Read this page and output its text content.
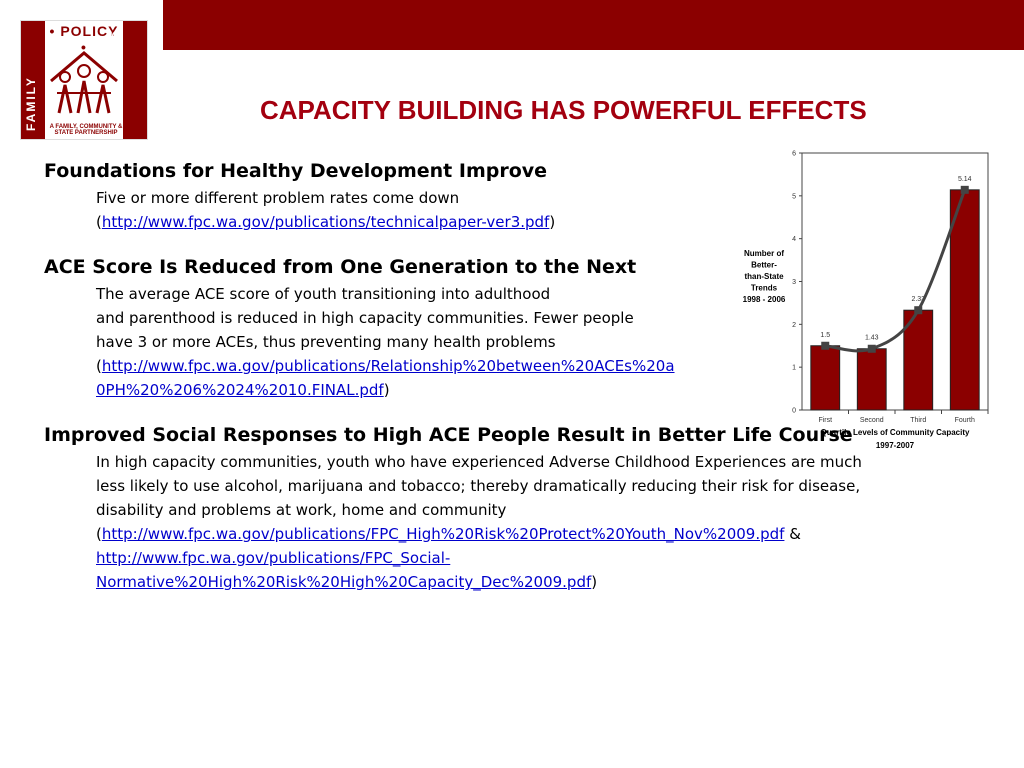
• POLICY •
FAMILY
COUNCIL
A FAMILY, COMMUNITY & STATE PARTNERSHIP
CAPACITY BUILDING HAS POWERFUL EFFECTS

Foundations for Healthy Development Improve

Five or more different problem rates come down

(http://www.fpc.wa.gov/publications/technicalpaper-ver3.pdf)

ACE Score Is Reduced from One Generation to the Next

The average ACE score of youth transitioning into adulthood

and parenthood is reduced in high capacity communities. Fewer people

have 3 or more ACEs, thus preventing many health problems

(http://www.fpc.wa.gov/publications/Relationship%20between%20ACEs%20a

0PH%20%206%2024%2010.FINAL.pdf)

Improved Social Responses to High ACE People Result in Better Life Course

In high capacity communities, youth who have experienced Adverse Childhood Experiences are much

less likely to use alcohol, marijuana and tobacco; thereby dramatically reducing their risk for disease,

disability and problems at work, home and community

(http://www.fpc.wa.gov/publications/FPC_High%20Risk%20Protect%20Youth_Nov%2009.pdf &

http://www.fpc.wa.gov/publications/FPC_Social-

Normative%20High%20Risk%20High%20Capacity_Dec%2009.pdf)

0
1
2
3
4
5
6
First
1.5
Second
1.43
Third
2.33
Fourth
5.14
Number of
Better-
than-State
Trends
1998 - 2006
Quartile Levels of Community Capacity
1997-2007
